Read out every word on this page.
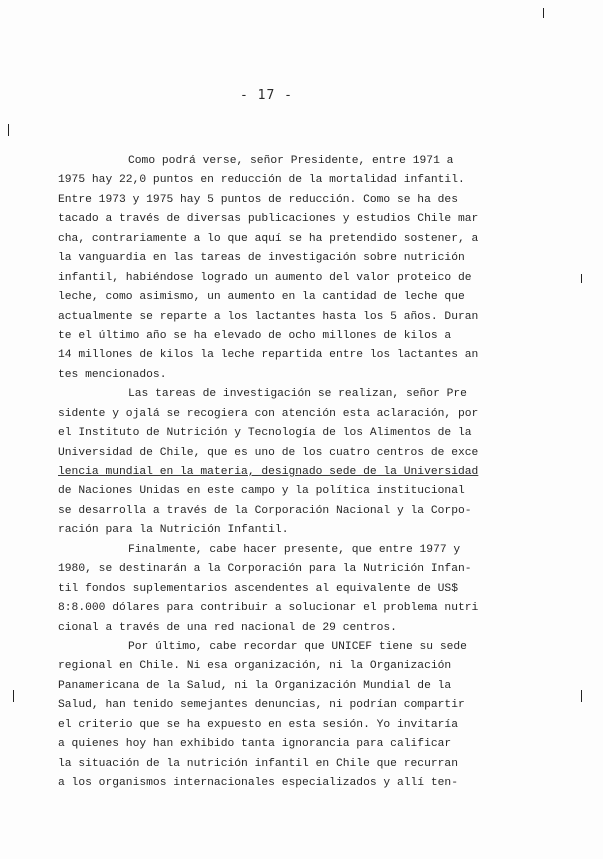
- 17 -
Como podrá verse, señor Presidente, entre 1971 a
1975 hay 22,0 puntos en reducción de la mortalidad infantil.
Entre 1973 y 1975 hay 5 puntos de reducción. Como se ha des
tacado a través de diversas publicaciones y estudios Chile mar
cha, contrariamente a lo que aquí se ha pretendido sostener, a
la vanguardia en las tareas de investigación sobre nutrición
infantil, habiéndose logrado un aumento del valor proteico de
leche, como asimismo, un aumento en la cantidad de leche que
actualmente se reparte a los lactantes hasta los 5 años. Duran
te el último año se ha elevado de ocho millones de kilos a
14 millones de kilos la leche repartida entre los lactantes an
tes mencionados.
Las tareas de investigación se realizan, señor Pre
sidente y ojalá se recogiera con atención esta aclaración, por
el Instituto de Nutrición y Tecnología de los Alimentos de la
Universidad de Chile, que es uno de los cuatro centros de exce
lencia mundial en la materia, designado sede de la Universidad
de Naciones Unidas en este campo y la política institucional
se desarrolla a través de la Corporación Nacional y la Corpo-
ración para la Nutrición Infantil.
Finalmente, cabe hacer presente, que entre 1977 y
1980, se destinarán a la Corporación para la Nutrición Infan-
til fondos suplementarios ascendentes al equivalente de US$
8:8.000 dólares para contribuir a solucionar el problema nutri
cional a través de una red nacional de 29 centros.
Por último, cabe recordar que UNICEF tiene su sede
regional en Chile. Ni esa organización, ni la Organización
Panamericana de la Salud, ni la Organización Mundial de la
Salud, han tenido semejantes denuncias, ni podrían compartir
el criterio que se ha expuesto en esta sesión. Yo invitaría
a quienes hoy han exhibido tanta ignorancia para calificar
la situación de la nutrición infantil en Chile que recurran
a los organismos internacionales especializados y allí ten-
